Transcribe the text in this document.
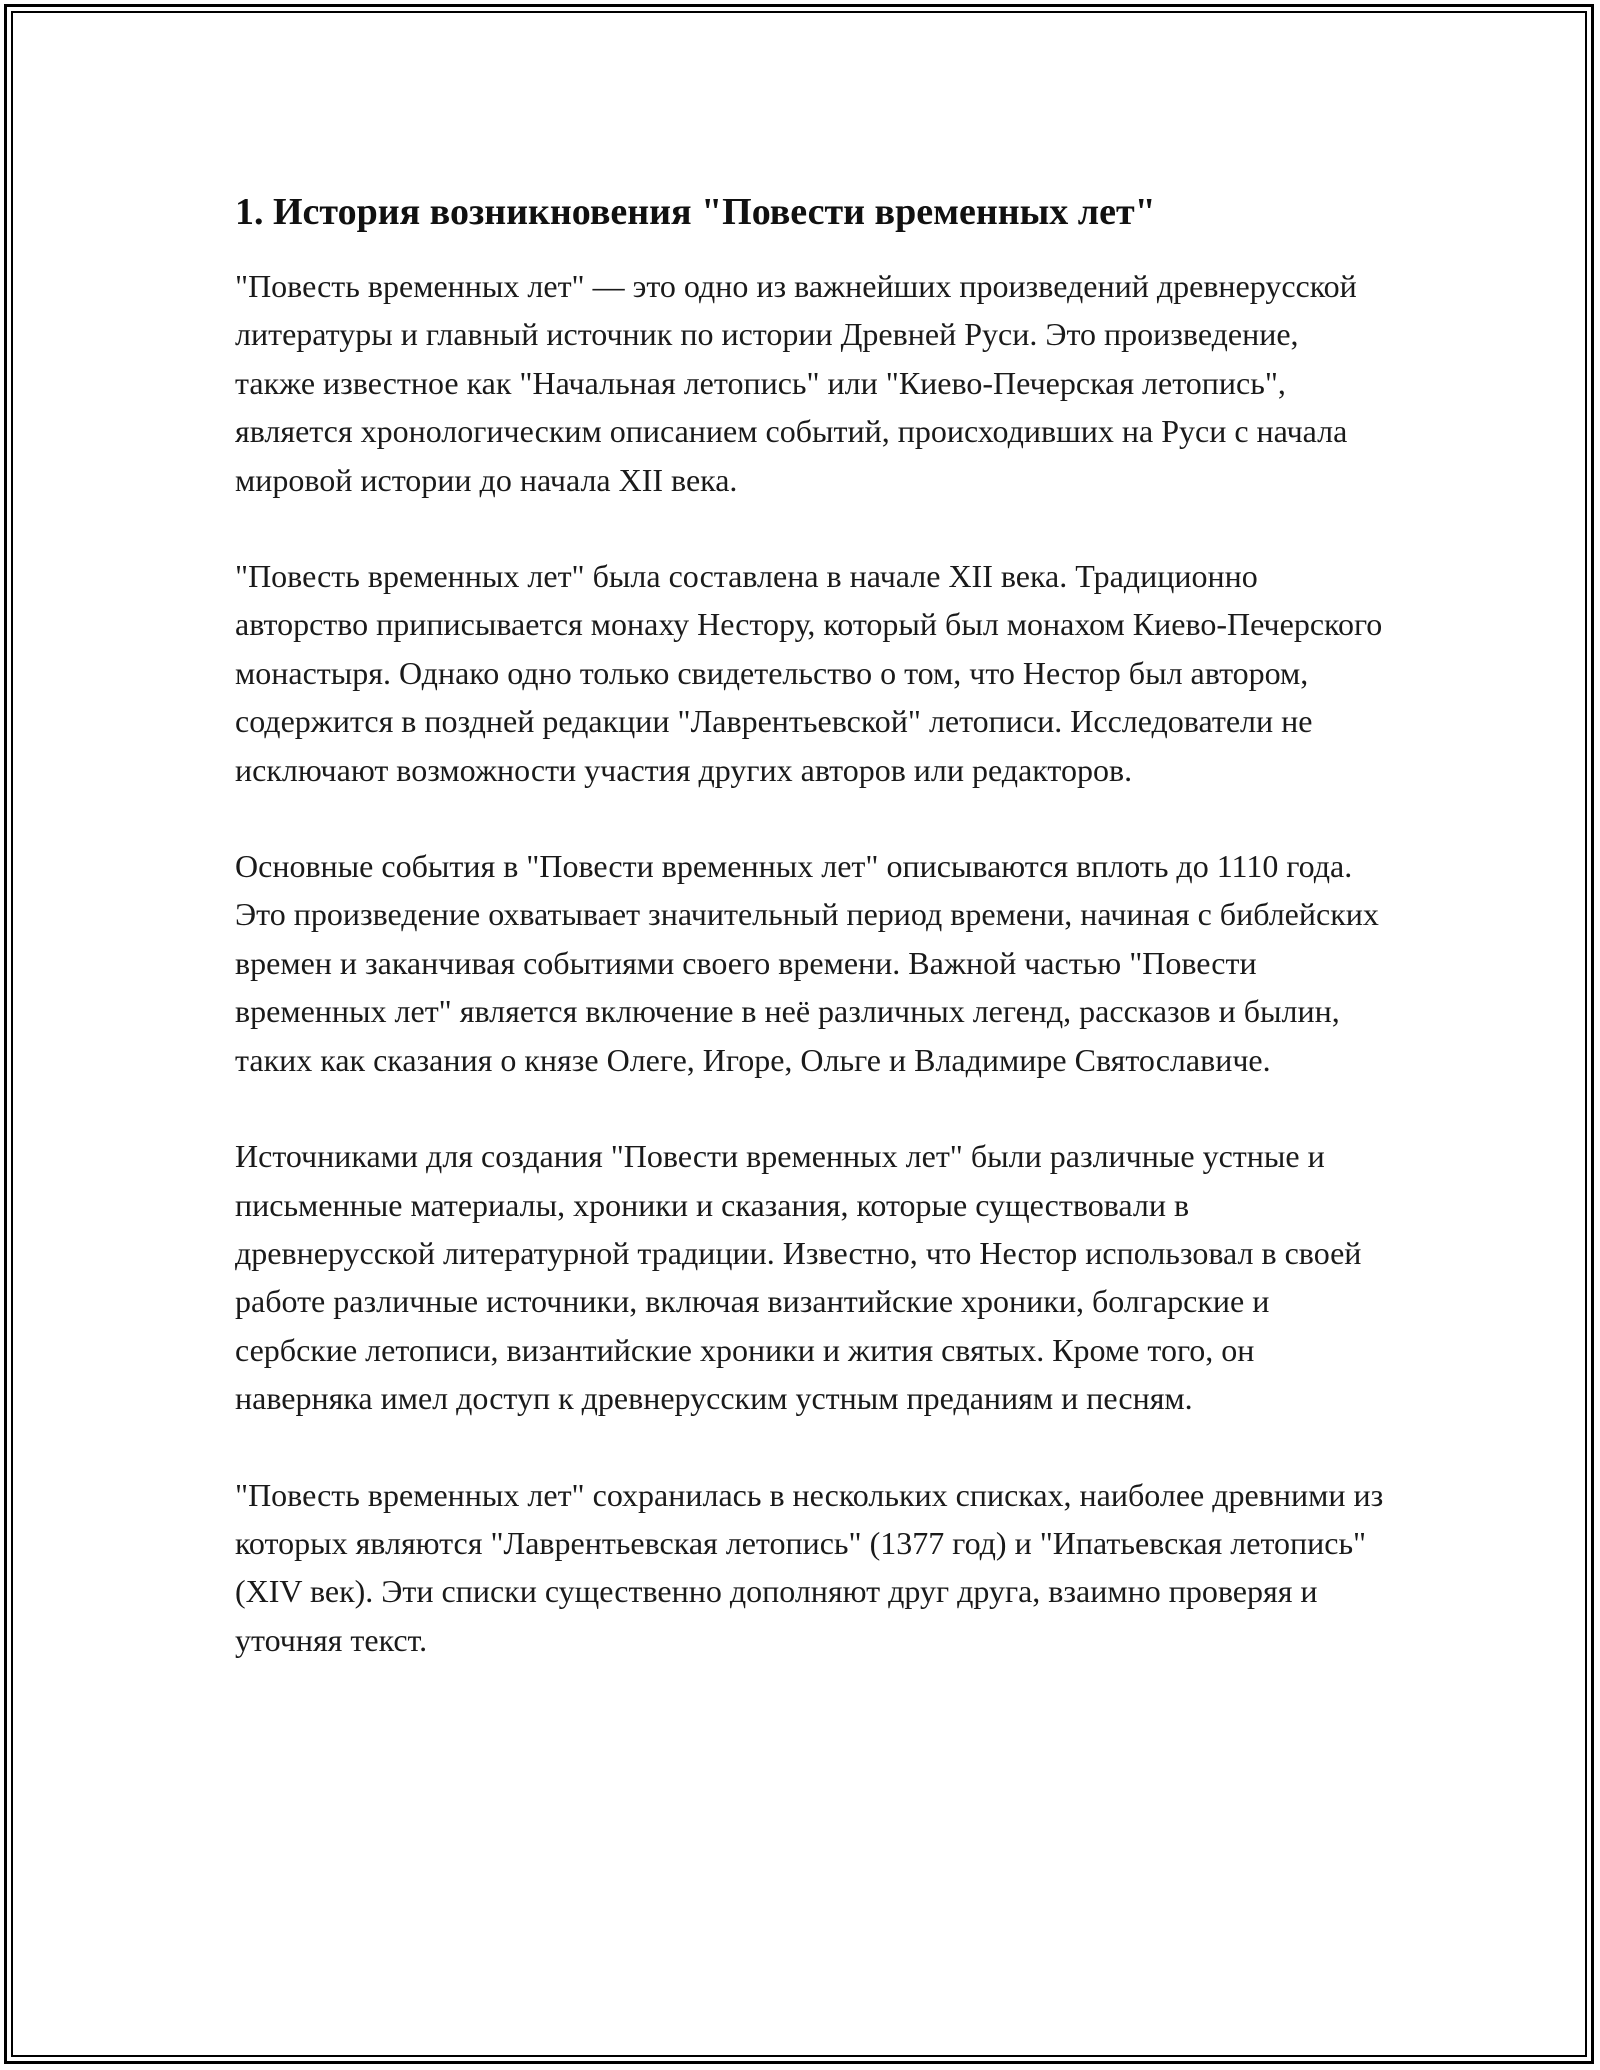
1. История возникновения "Повести временных лет"

"Повесть временных лет" — это одно из важнейших произведений древнерусской литературы и главный источник по истории Древней Руси. Это произведение, также известное как "Начальная летопись" или "Киево-Печерская летопись", является хронологическим описанием событий, происходивших на Руси с начала мировой истории до начала XII века.

"Повесть временных лет" была составлена в начале XII века. Традиционно авторство приписывается монаху Нестору, который был монахом Киево-Печерского монастыря. Однако одно только свидетельство о том, что Нестор был автором, содержится в поздней редакции "Лаврентьевской" летописи. Исследователи не исключают возможности участия других авторов или редакторов.

Основные события в "Повести временных лет" описываются вплоть до 1110 года. Это произведение охватывает значительный период времени, начиная с библейских времен и заканчивая событиями своего времени. Важной частью "Повести временных лет" является включение в неё различных легенд, рассказов и былин, таких как сказания о князе Олеге, Игоре, Ольге и Владимире Святославиче.

Источниками для создания "Повести временных лет" были различные устные и письменные материалы, хроники и сказания, которые существовали в древнерусской литературной традиции. Известно, что Нестор использовал в своей работе различные источники, включая византийские хроники, болгарские и сербские летописи, византийские хроники и жития святых. Кроме того, он наверняка имел доступ к древнерусским устным преданиям и песням.

"Повесть временных лет" сохранилась в нескольких списках, наиболее древними из которых являются "Лаврентьевская летопись" (1377 год) и "Ипатьевская летопись" (XIV век). Эти списки существенно дополняют друг друга, взаимно проверяя и уточняя текст.
